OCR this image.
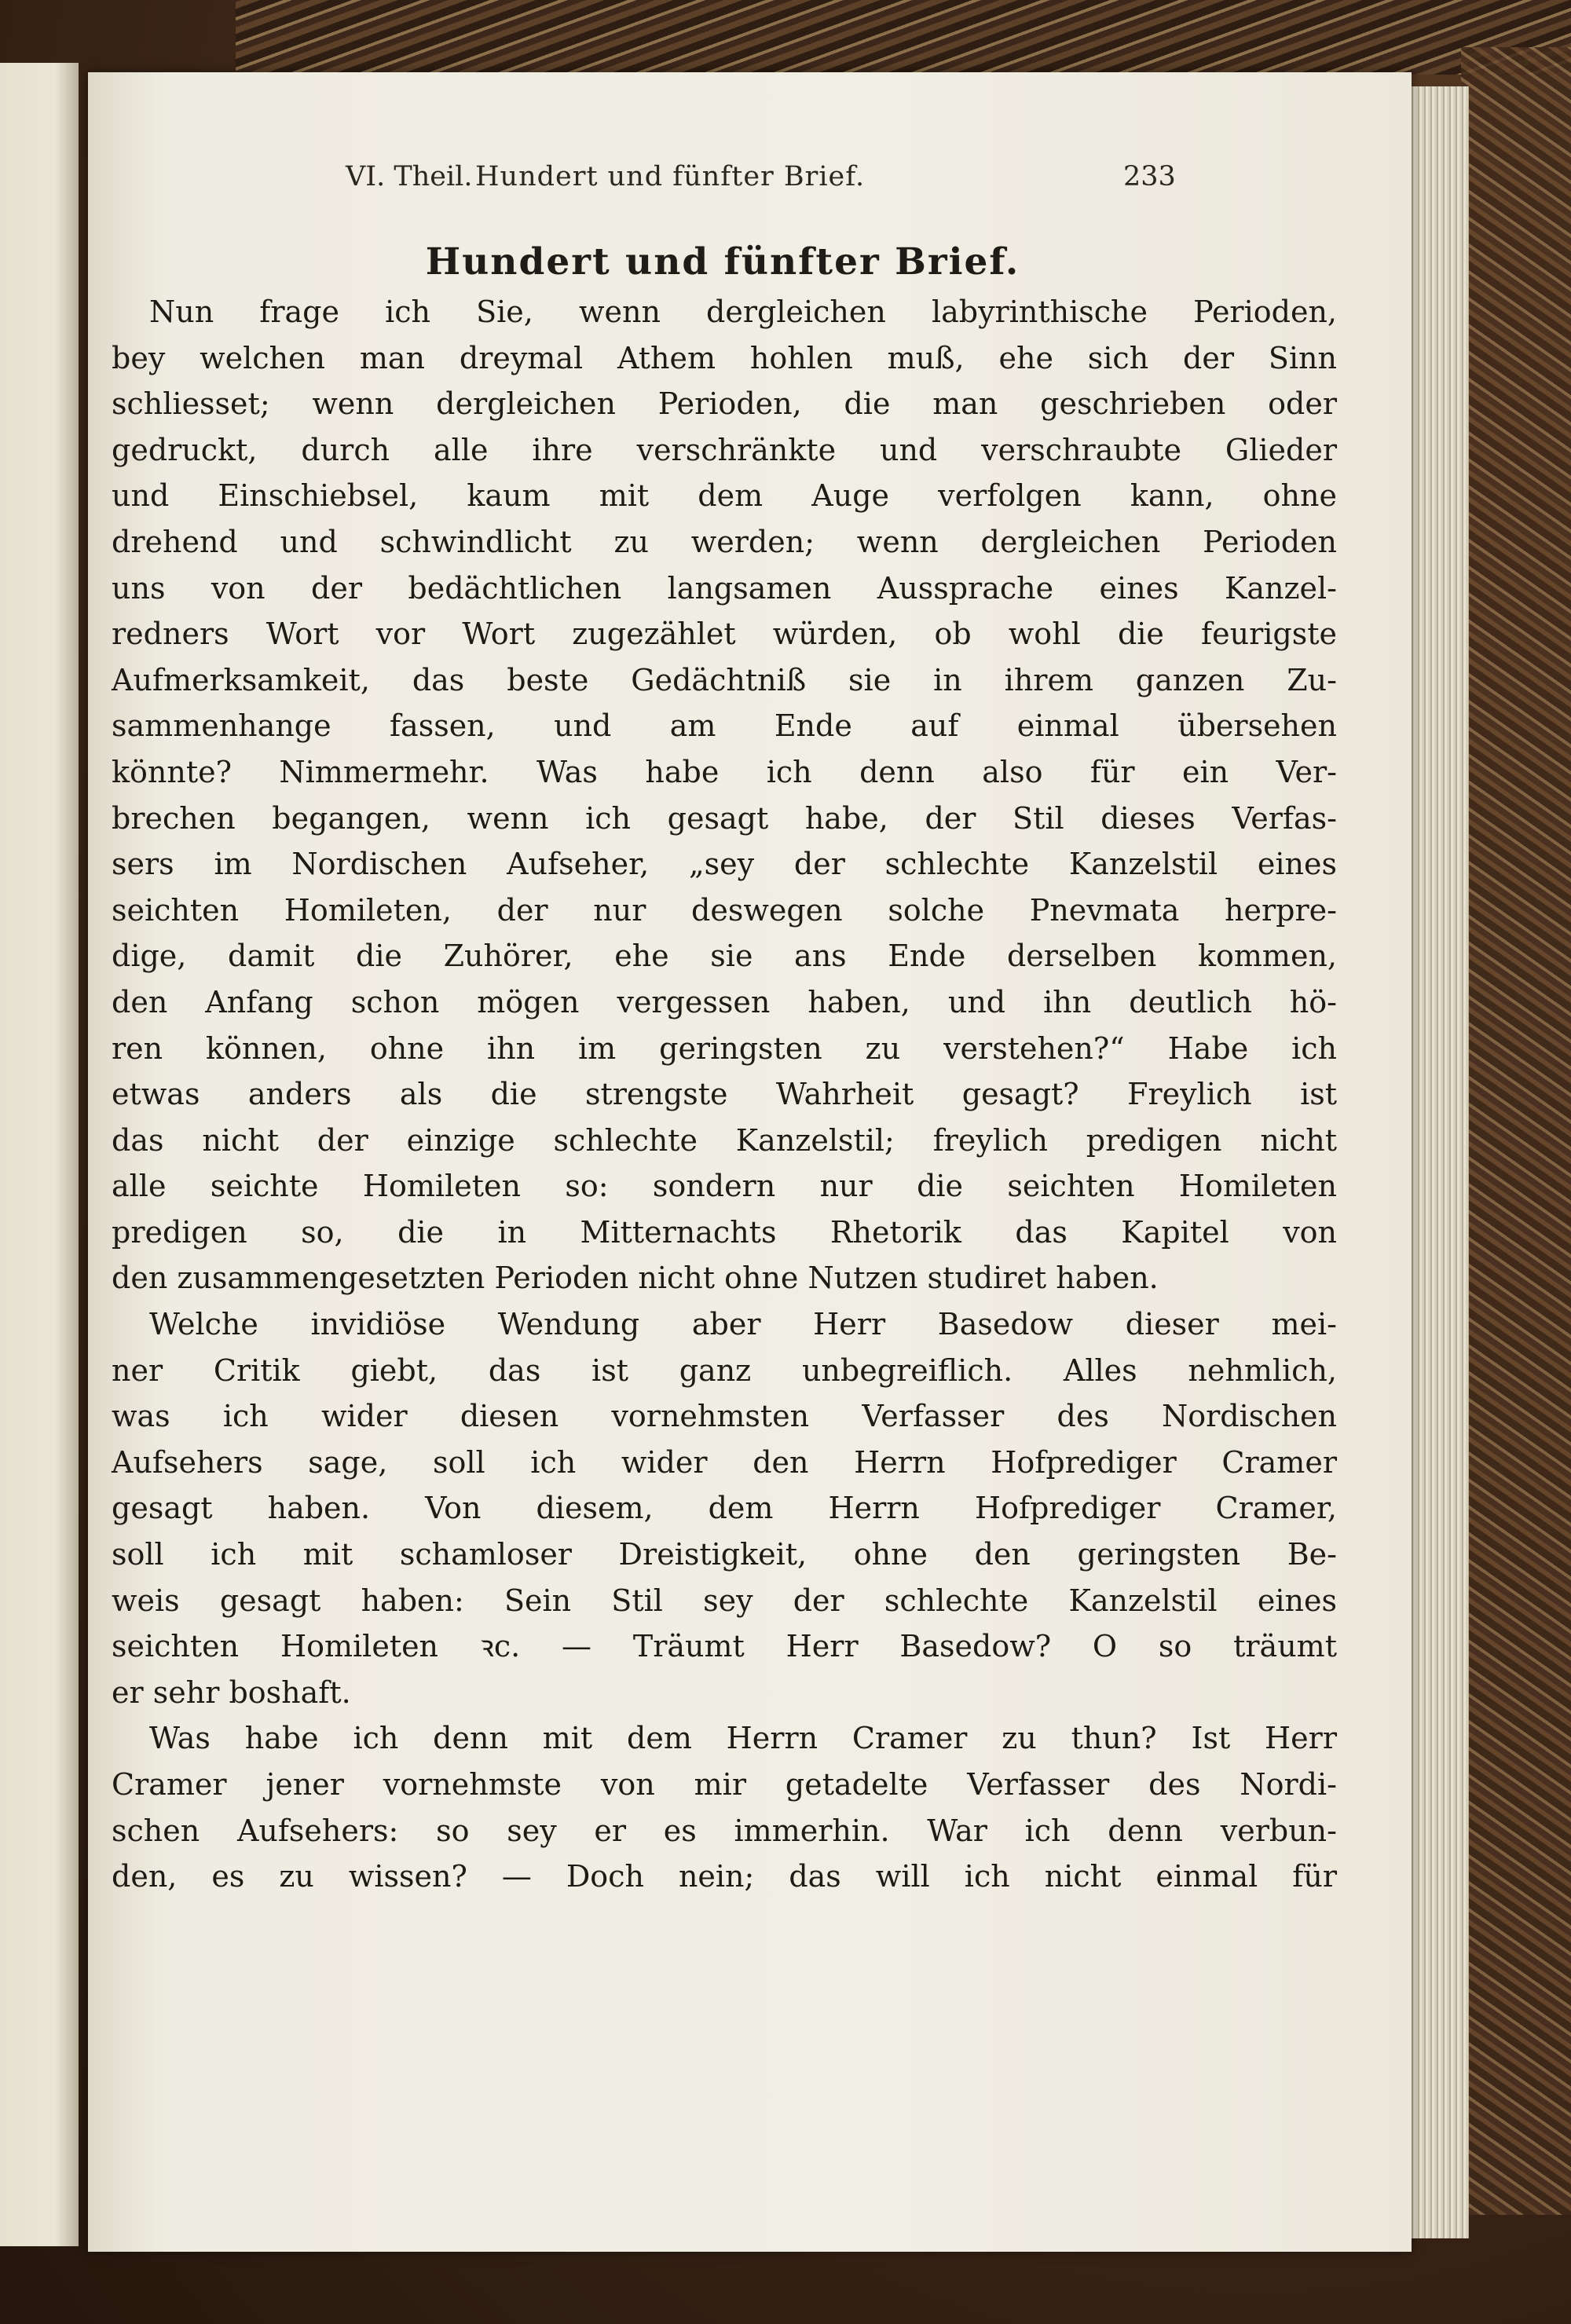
VI. Theil. Hundert und fünfter Brief.	233
Hundert und fünfter Brief.
Nun frage ich Sie, wenn dergleichen labyrinthische Perioden,
bey welchen man dreymal Athem hohlen muß, ehe sich der Sinn
schliesset; wenn dergleichen Perioden, die man geschrieben oder
gedruckt, durch alle ihre verschränkte und verschraubte Glieder
und Einschiebsel, kaum mit dem Auge verfolgen kann, ohne
drehend und schwindlicht zu werden; wenn dergleichen Perioden
uns von der bedächtlichen langsamen Aussprache eines Kanzel-
redners Wort vor Wort zugezählet würden, ob wohl die feurigste
Aufmerksamkeit, das beste Gedächtniß sie in ihrem ganzen Zu-
sammenhange fassen, und am Ende auf einmal übersehen
könnte? Nimmermehr. Was habe ich denn also für ein Ver-
brechen begangen, wenn ich gesagt habe, der Stil dieses Verfas-
sers im Nordischen Aufseher, „sey der schlechte Kanzelstil eines
seichten Homileten, der nur deswegen solche Pnevmata herpre-
dige, damit die Zuhörer, ehe sie ans Ende derselben kommen,
den Anfang schon mögen vergessen haben, und ihn deutlich hö-
ren können, ohne ihn im geringsten zu verstehen?“ Habe ich
etwas anders als die strengste Wahrheit gesagt? Freylich ist
das nicht der einzige schlechte Kanzelstil; freylich predigen nicht
alle seichte Homileten so: sondern nur die seichten Homileten
predigen so, die in Mitternachts Rhetorik das Kapitel von
den zusammengesetzten Perioden nicht ohne Nutzen studiret haben.
Welche invidiöse Wendung aber Herr Basedow dieser mei-
ner Critik giebt, das ist ganz unbegreiflich. Alles nehmlich,
was ich wider diesen vornehmsten Verfasser des Nordischen
Aufsehers sage, soll ich wider den Herrn Hofprediger Cramer
gesagt haben. Von diesem, dem Herrn Hofprediger Cramer,
soll ich mit schamloser Dreistigkeit, ohne den geringsten Be-
weis gesagt haben: Sein Stil sey der schlechte Kanzelstil eines
seichten Homileten ꝛc. — Träumt Herr Basedow? O so träumt
er sehr boshaft.
Was habe ich denn mit dem Herrn Cramer zu thun? Ist Herr
Cramer jener vornehmste von mir getadelte Verfasser des Nordi-
schen Aufsehers: so sey er es immerhin. War ich denn verbun-
den, es zu wissen? — Doch nein; das will ich nicht einmal für
